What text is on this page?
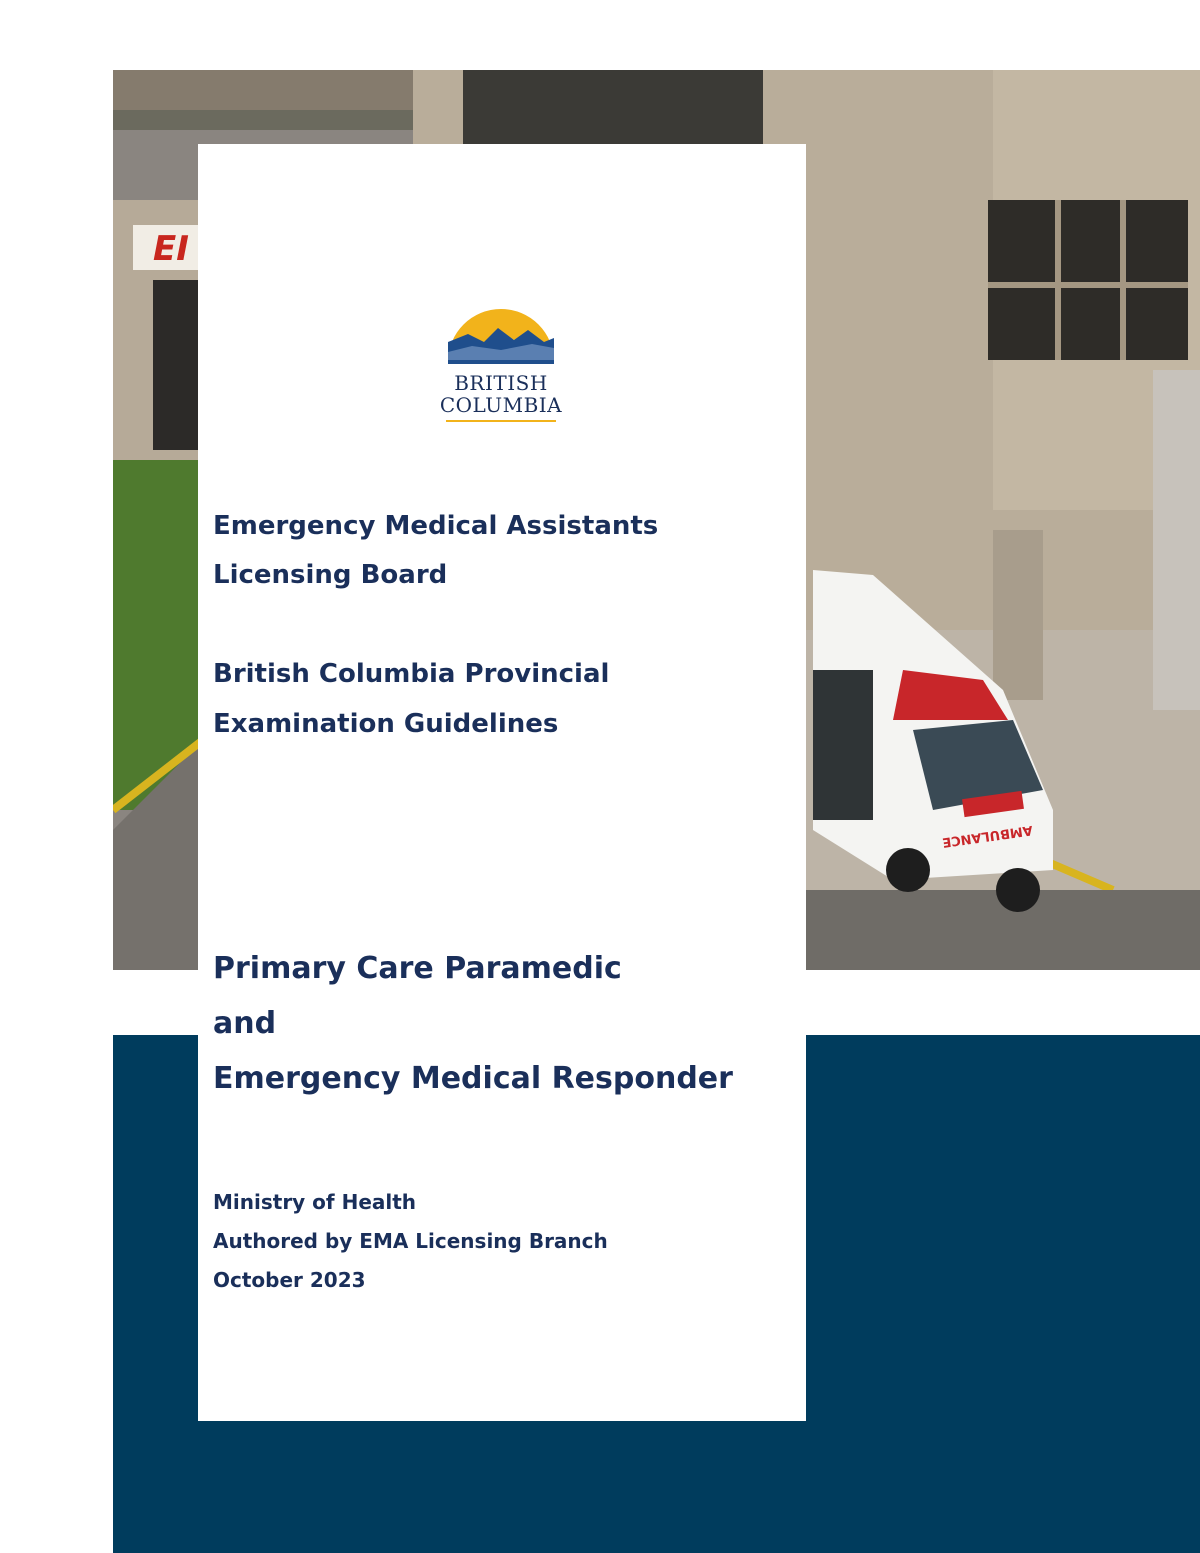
EI
AMBULANCE
BRITISH
COLUMBIA

Emergency Medical Assistants

Licensing Board

British Columbia Provincial

Examination Guidelines

Primary Care Paramedic

and

Emergency Medical Responder

Ministry of Health

Authored by EMA Licensing Branch

October 2023
